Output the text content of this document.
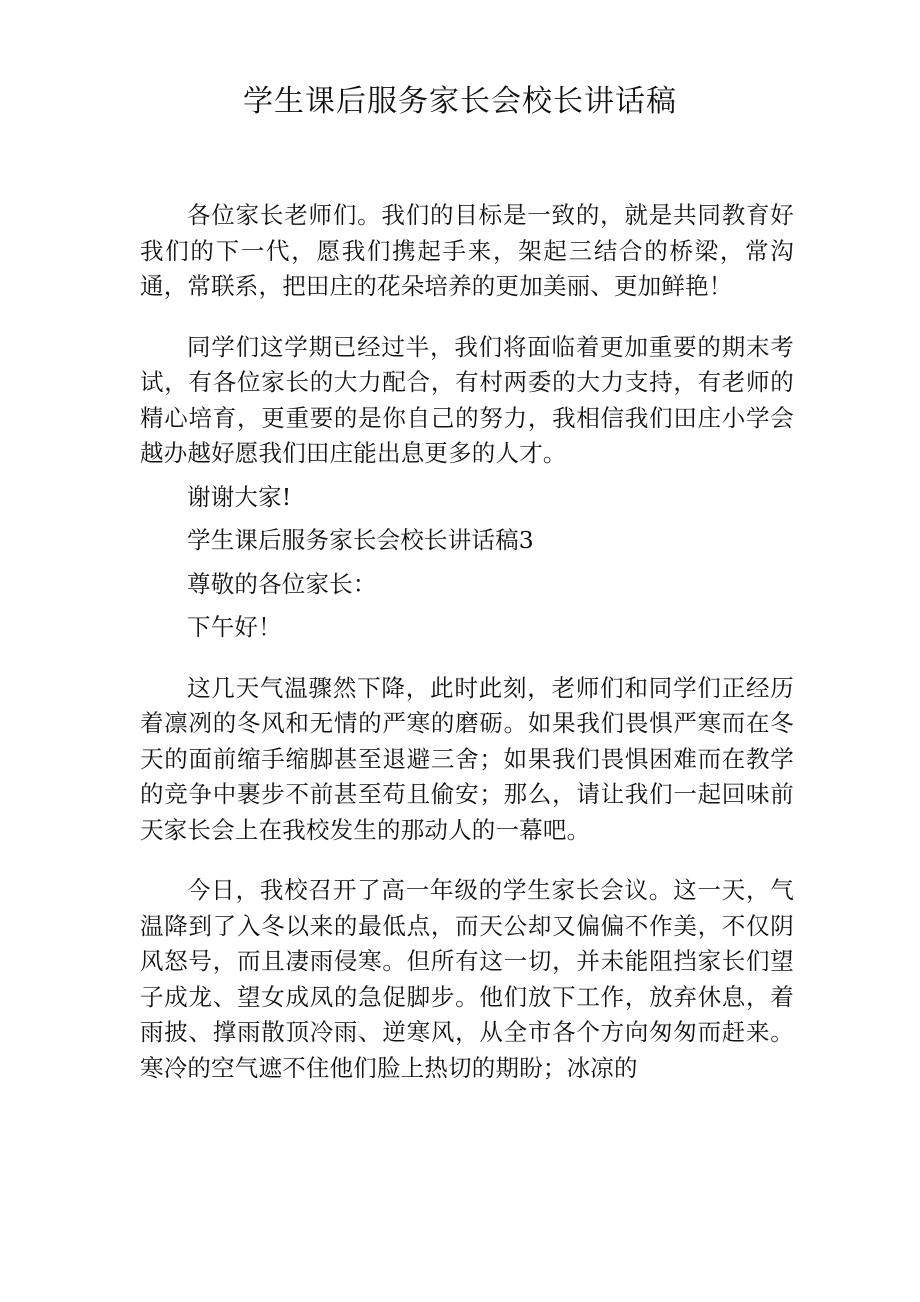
学生课后服务家长会校长讲话稿

各位家长老师们。我们的目标是一致的，就是共同教育好我们的下一代，愿我们携起手来，架起三结合的桥梁，常沟通，常联系，把田庄的花朵培养的更加美丽、更加鲜艳！

同学们这学期已经过半，我们将面临着更加重要的期末考试，有各位家长的大力配合，有村两委的大力支持，有老师的精心培育，更重要的是你自己的努力，我相信我们田庄小学会越办越好愿我们田庄能出息更多的人才。

谢谢大家!

学生课后服务家长会校长讲话稿3

尊敬的各位家长：

下午好！

这几天气温骤然下降，此时此刻，老师们和同学们正经历着凛冽的冬风和无情的严寒的磨砺。如果我们畏惧严寒而在冬天的面前缩手缩脚甚至退避三舍；如果我们畏惧困难而在教学的竞争中裹步不前甚至苟且偷安；那么，请让我们一起回味前天家长会上在我校发生的那动人的一幕吧。

今日，我校召开了高一年级的学生家长会议。这一天，气温降到了入冬以来的最低点，而天公却又偏偏不作美，不仅阴风怒号，而且凄雨侵寒。但所有这一切，并未能阻挡家长们望子成龙、望女成凤的急促脚步。他们放下工作，放弃休息，着雨披、撑雨散顶冷雨、逆寒风，从全市各个方向匆匆而赶来。寒冷的空气遮不住他们脸上热切的期盼；冰凉的
